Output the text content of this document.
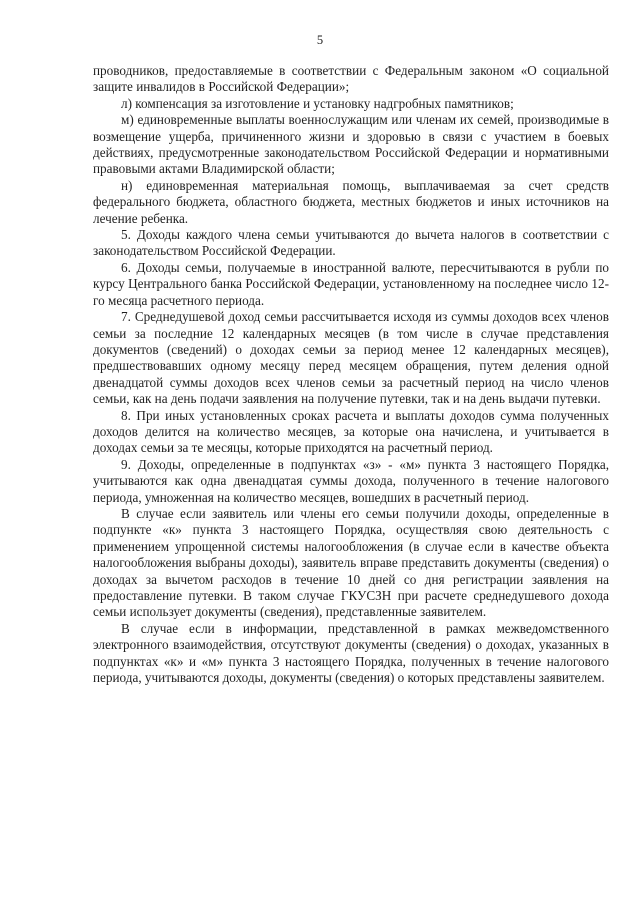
5

проводников, предоставляемые в соответствии с Федеральным законом «О социальной защите инвалидов в Российской Федерации»;

л) компенсация за изготовление и установку надгробных памятников;

м) единовременные выплаты военнослужащим или членам их семей, производимые в возмещение ущерба, причиненного жизни и здоровью в связи с участием в боевых действиях, предусмотренные законодательством Российской Федерации и нормативными правовыми актами Владимирской области;

н) единовременная материальная помощь, выплачиваемая за счет средств федерального бюджета, областного бюджета, местных бюджетов и иных источников на лечение ребенка.

5. Доходы каждого члена семьи учитываются до вычета налогов в соответствии с законодательством Российской Федерации.

6. Доходы семьи, получаемые в иностранной валюте, пересчитываются в рубли по курсу Центрального банка Российской Федерации, установленному на последнее число 12-го месяца расчетного периода.

7. Среднедушевой доход семьи рассчитывается исходя из суммы доходов всех членов семьи за последние 12 календарных месяцев (в том числе в случае представления документов (сведений) о доходах семьи за период менее 12 календарных месяцев), предшествовавших одному месяцу перед месяцем обращения, путем деления одной двенадцатой суммы доходов всех членов семьи за расчетный период на число членов семьи, как на день подачи заявления на получение путевки, так и на день выдачи путевки.

8. При иных установленных сроках расчета и выплаты доходов сумма полученных доходов делится на количество месяцев, за которые она начислена, и учитывается в доходах семьи за те месяцы, которые приходятся на расчетный период.

9. Доходы, определенные в подпунктах «з» - «м» пункта 3 настоящего Порядка, учитываются как одна двенадцатая суммы дохода, полученного в течение налогового периода, умноженная на количество месяцев, вошедших в расчетный период.

В случае если заявитель или члены его семьи получили доходы, определенные в подпункте «к» пункта 3 настоящего Порядка, осуществляя свою деятельность с применением упрощенной системы налогообложения (в случае если в качестве объекта налогообложения выбраны доходы), заявитель вправе представить документы (сведения) о доходах за вычетом расходов в течение 10 дней со дня регистрации заявления на предоставление путевки. В таком случае ГКУСЗН при расчете среднедушевого дохода семьи использует документы (сведения), представленные заявителем.

В случае если в информации, представленной в рамках межведомственного электронного взаимодействия, отсутствуют документы (сведения) о доходах, указанных в подпунктах «к» и «м» пункта 3 настоящего Порядка, полученных в течение налогового периода, учитываются доходы, документы (сведения) о которых представлены заявителем.
